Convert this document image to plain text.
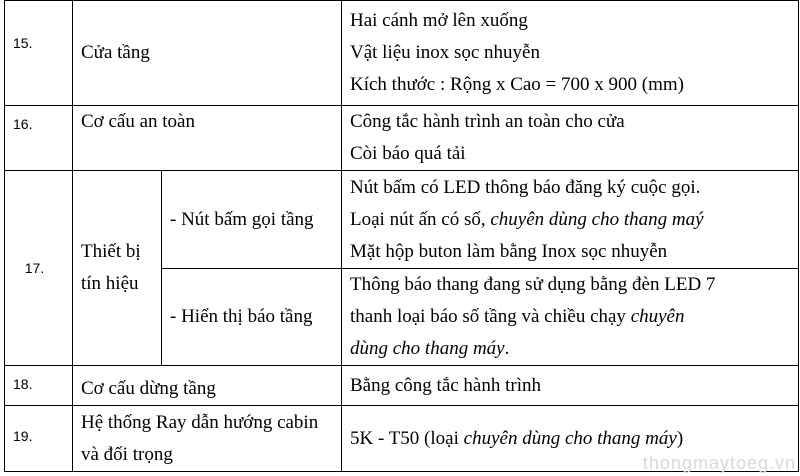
15.	Cửa tầng		Hai cánh mở lên xuống
Vật liệu inox sọc nhuyễn
Kích thước : Rộng x Cao = 700 x 900 (mm)

16.	Cơ cấu an toàn		Công tắc hành trình an toàn cho cửa
Còi báo quá tải

17.	Thiết bị tín hiệu	- Nút bấm gọi tầng	Nút bấm có LED thông báo đăng ký cuộc gọi.
Loại nút ấn có số, chuyên dùng cho thang maý
Mặt hộp buton làm bằng Inox sọc nhuyễn

		- Hiển thị báo tầng	Thông báo thang đang sử dụng bằng đèn LED 7
thanh loại báo số tầng và chiều chạy chuyên
dùng cho thang máy.

18.	Cơ cấu dừng tầng		Bằng công tắc hành trình

19.	Hệ thống Ray dẫn hướng cabin và đối trọng		5K - T50 (loại chuyên dùng cho thang máy)
thongmaytoeg.vn
